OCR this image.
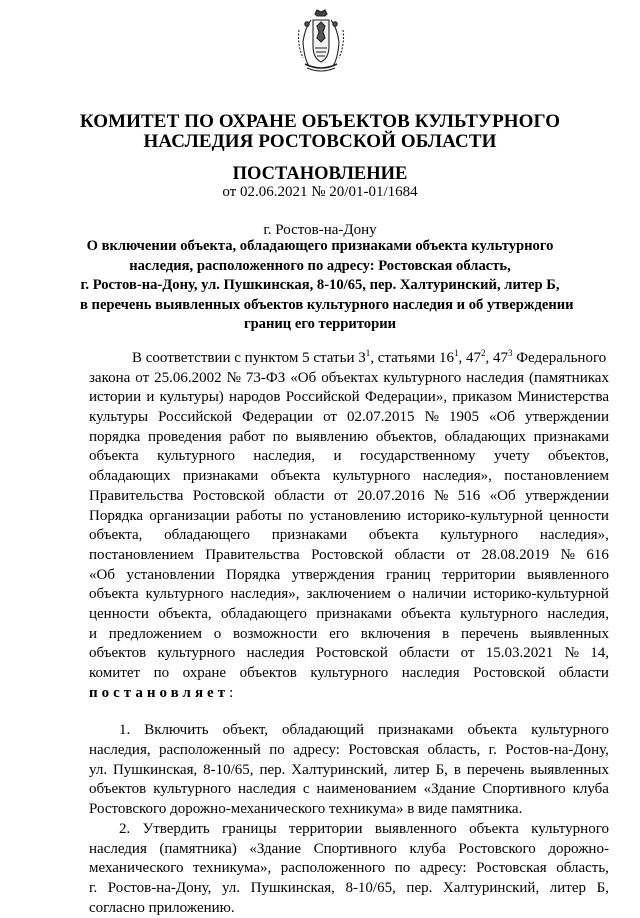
КОМИТЕТ ПО ОХРАНЕ ОБЪЕКТОВ КУЛЬТУРНОГО
НАСЛЕДИЯ РОСТОВСКОЙ ОБЛАСТИ
ПОСТАНОВЛЕНИЕ
от 02.06.2021 № 20/01-01/1684
г. Ростов-на-Дону
О включении объекта, обладающего признаками объекта культурного
наследия, расположенного по адресу: Ростовская область,
г. Ростов-на-Дону, ул. Пушкинская, 8-10/65, пер. Халтуринский, литер Б,
в перечень выявленных объектов культурного наследия и об утверждении
границ его территории
В соответствии с пунктом 5 статьи $3^1$, статьями $16^1$, $47^2$, $47^3$ Федерального
закона от 25.06.2002 № 73-ФЗ «Об объектах культурного наследия (памятниках
истории и культуры) народов Российской Федерации», приказом Министерства
культуры Российской Федерации от 02.07.2015 № 1905 «Об утверждении
порядка проведения работ по выявлению объектов, обладающих признаками
объекта культурного наследия, и государственному учету объектов,
обладающих признаками объекта культурного наследия», постановлением
Правительства Ростовской области от 20.07.2016 № 516 «Об утверждении
Порядка организации работы по установлению историко-культурной ценности
объекта, обладающего признаками объекта культурного наследия»,
постановлением Правительства Ростовской области от 28.08.2019 № 616
«Об установлении Порядка утверждения границ территории выявленного
объекта культурного наследия», заключением о наличии историко-культурной
ценности объекта, обладающего признаками объекта культурного наследия,
и предложением о возможности его включения в перечень выявленных
объектов культурного наследия Ростовской области от 15.03.2021 № 14,
комитет по охране объектов культурного наследия Ростовской области
постановляет:
1. Включить объект, обладающий признаками объекта культурного
наследия, расположенный по адресу: Ростовская область, г. Ростов-на-Дону,
ул. Пушкинская, 8-10/65, пер. Халтуринский, литер Б, в перечень выявленных
объектов культурного наследия с наименованием «Здание Спортивного клуба
Ростовского дорожно-механического техникума» в виде памятника.
2. Утвердить границы территории выявленного объекта культурного
наследия (памятника) «Здание Спортивного клуба Ростовского дорожно-
механического техникума», расположенного по адресу: Ростовская область,
г. Ростов-на-Дону, ул. Пушкинская, 8-10/65, пер. Халтуринский, литер Б,
согласно приложению.
